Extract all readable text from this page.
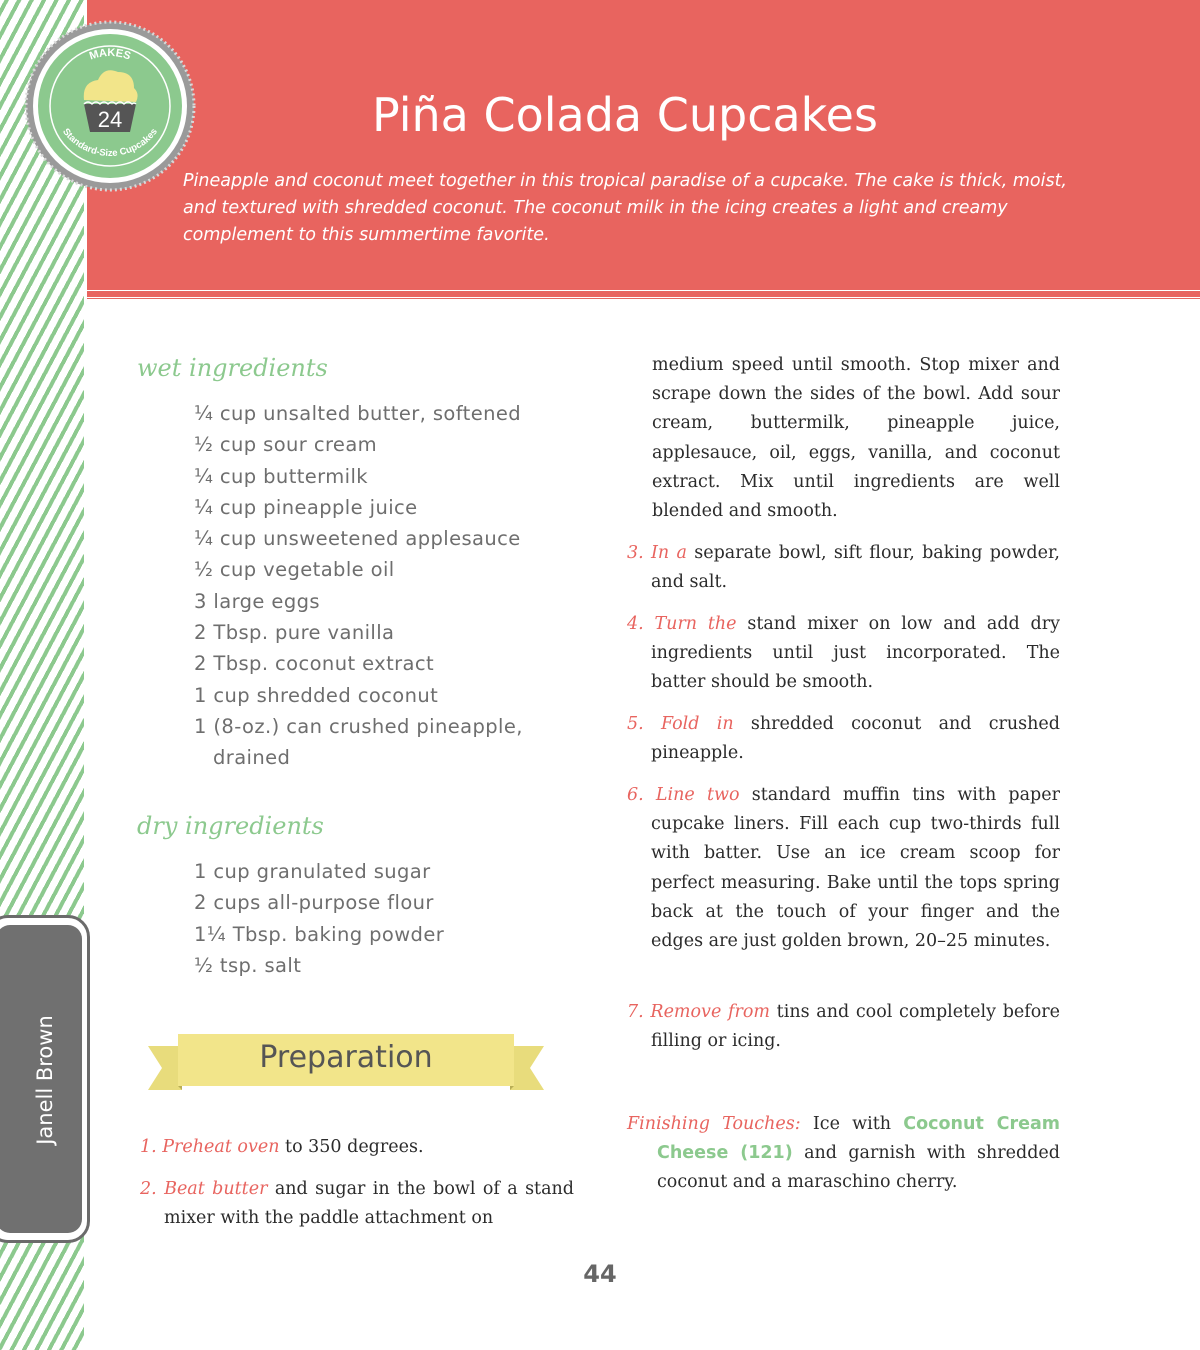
Piña Colada Cupcakes

Pineapple and coconut meet together in this tropical paradise of a cupcake. The cake is thick, moist, and textured with shredded coconut. The coconut milk in the icing creates a light and creamy complement to this summertime favorite.

24
MAKES
Standard-Size Cupcakes
Janell Brown
wet ingredients
¼ cup unsalted butter, softened
½ cup sour cream
¼ cup buttermilk
¼ cup pineapple juice
¼ cup unsweetened applesauce
½ cup vegetable oil
3 large eggs
2 Tbsp. pure vanilla
2 Tbsp. coconut extract
1 cup shredded coconut
1 (8-oz.) can crushed pineapple,
drained
dry ingredients
1 cup granulated sugar
2 cups all-purpose flour
1¼ Tbsp. baking powder
½ tsp. salt
Preparation

1. Preheat oven to 350 degrees.

2. Beat butter and sugar in the bowl of a stand mixer with the paddle attachment on

medium speed until smooth. Stop mixer and scrape down the sides of the bowl. Add sour cream, buttermilk, pineapple juice, applesauce, oil, eggs, vanilla, and coconut extract. Mix until ingredients are well blended and smooth.

3. In a separate bowl, sift flour, baking powder, and salt.

4. Turn the stand mixer on low and add dry ingredients until just incorporated. The batter should be smooth.

5. Fold in shredded coconut and crushed pineapple.

6. Line two standard muffin tins with paper cupcake liners. Fill each cup two-thirds full with batter. Use an ice cream scoop for perfect measuring. Bake until the tops spring back at the touch of your finger and the edges are just golden brown, 20–25 minutes.

7. Remove from tins and cool completely before filling or icing.

Finishing Touches: Ice with Coconut Cream Cheese (121) and garnish with shredded coconut and a maraschino cherry.

44
